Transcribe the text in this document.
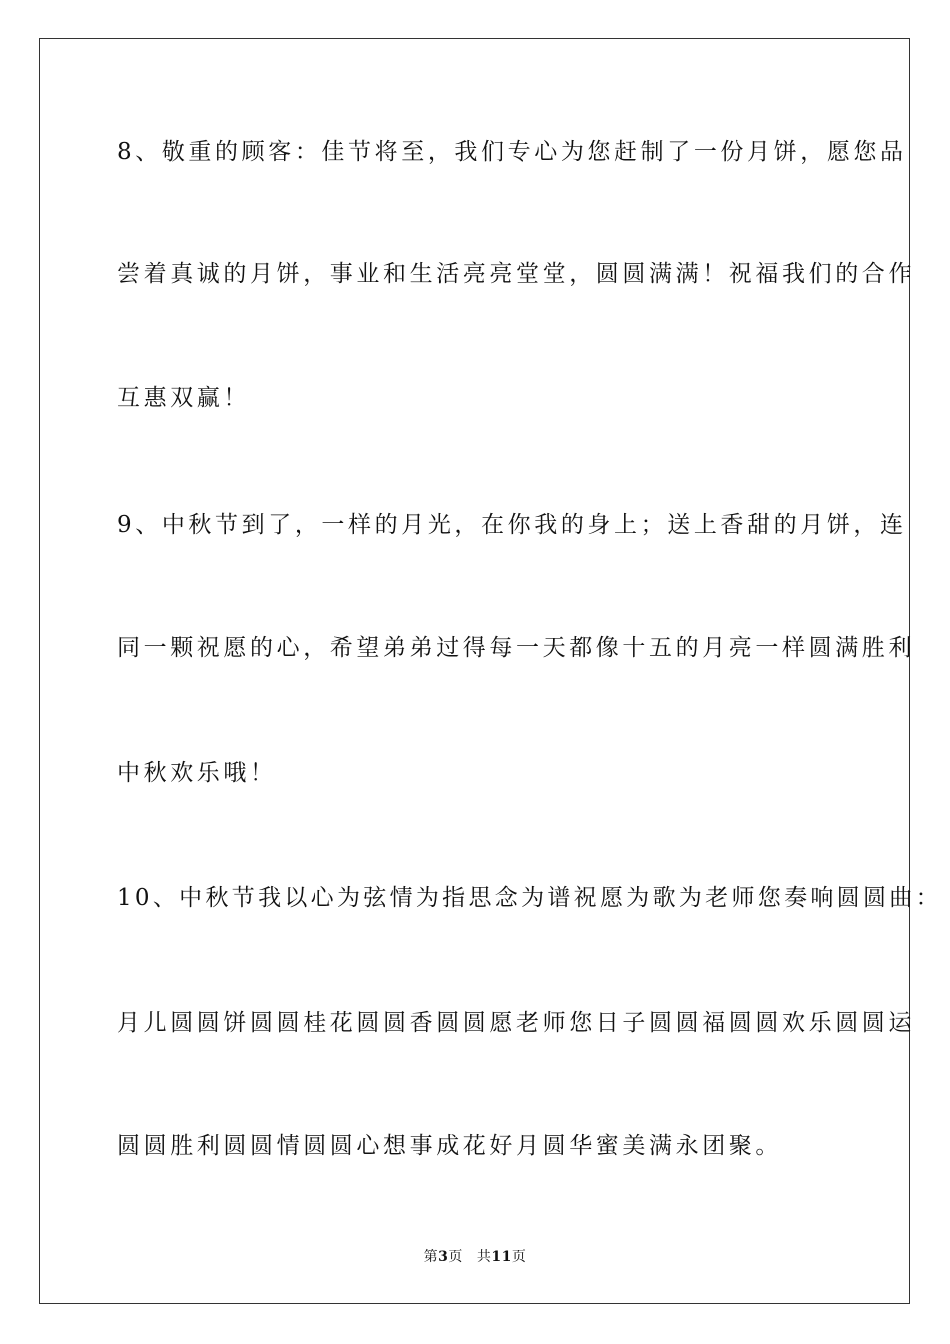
8、敬重的顾客：佳节将至，我们专心为您赶制了一份月饼，愿您品
尝着真诚的月饼，事业和生活亮亮堂堂，圆圆满满！祝福我们的合作
互惠双赢！
9、中秋节到了，一样的月光，在你我的身上；送上香甜的月饼，连
同一颗祝愿的心，希望弟弟过得每一天都像十五的月亮一样圆满胜利
中秋欢乐哦！
10、中秋节我以心为弦情为指思念为谱祝愿为歌为老师您奏响圆圆曲：
月儿圆圆饼圆圆桂花圆圆香圆圆愿老师您日子圆圆福圆圆欢乐圆圆运
圆圆胜利圆圆情圆圆心想事成花好月圆华蜜美满永团聚。
第3页 共11页
